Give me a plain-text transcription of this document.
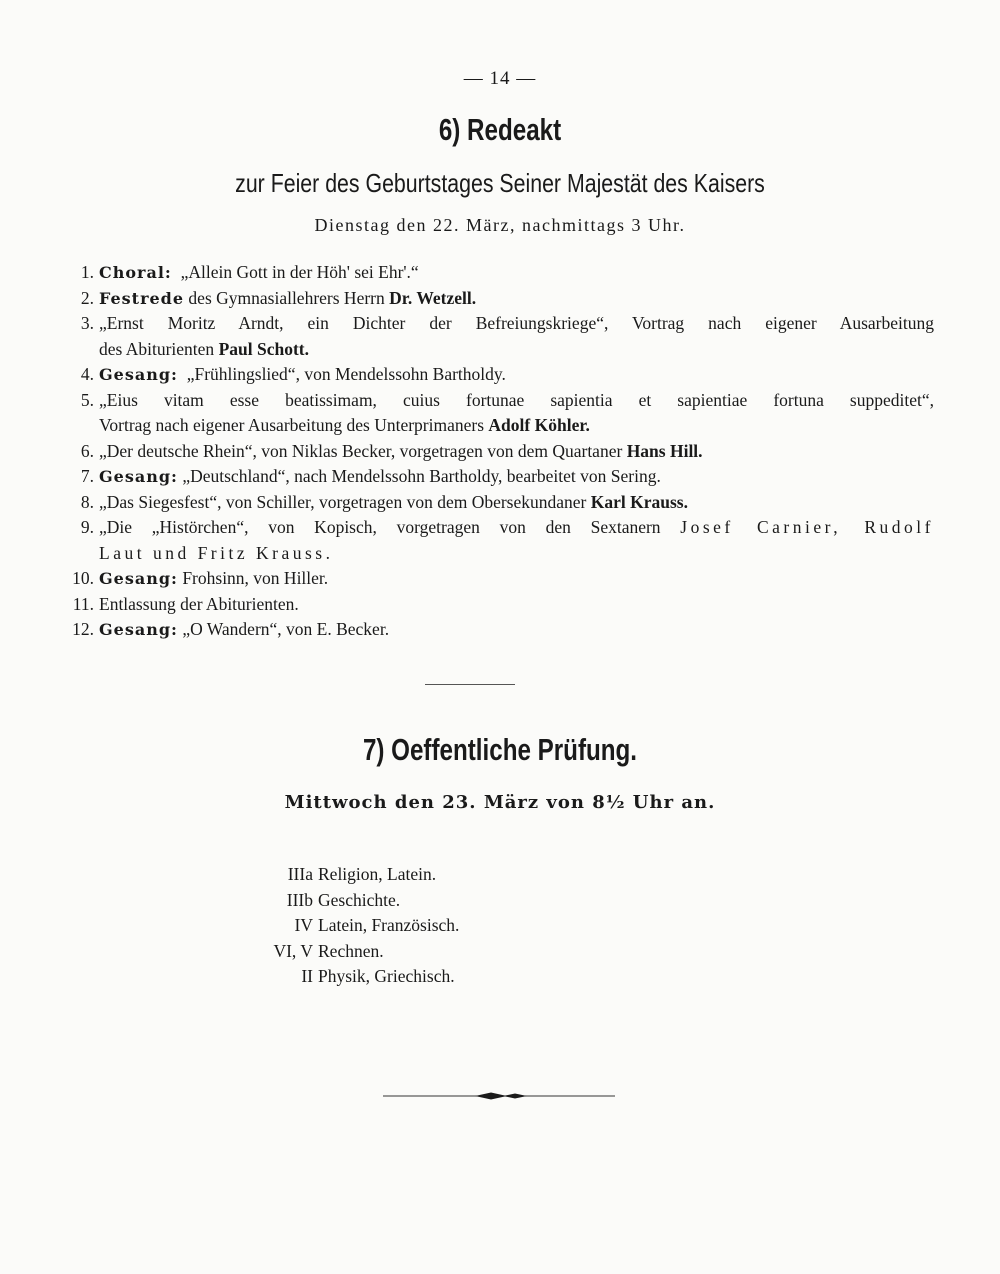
— 14 —
6) Redeakt
zur Feier des Geburtstages Seiner Majestät des Kaisers
Dienstag den 22. März, nachmittags 3 Uhr.
1. Choral: „Allein Gott in der Höh' sei Ehr'.“
2. Festrede des Gymnasiallehrers Herrn Dr. Wetzell.
3. „Ernst Moritz Arndt, ein Dichter der Befreiungskriege“, Vortrag nach eigener Ausarbeitung
des Abiturienten Paul Schott.
4. Gesang: „Frühlingslied“, von Mendelssohn Bartholdy.
5. „Eius vitam esse beatissimam, cuius fortunae sapientia et sapientiae fortuna suppeditet“,
Vortrag nach eigener Ausarbeitung des Unterprimaners Adolf Köhler.
6. „Der deutsche Rhein“, von Niklas Becker, vorgetragen von dem Quartaner Hans Hill.
7. Gesang: „Deutschland“, nach Mendelssohn Bartholdy, bearbeitet von Sering.
8. „Das Siegesfest“, von Schiller, vorgetragen von dem Obersekundaner Karl Krauss.
9. „Die „Histörchen“, von Kopisch, vorgetragen von den Sextanern Josef Carnier, Rudolf
Laut und Fritz Krauss.
10. Gesang: Frohsinn, von Hiller.
11. Entlassung der Abiturienten.
12. Gesang: „O Wandern“, von E. Becker.
7) Oeffentliche Prüfung.
Mittwoch den 23. März von 8½ Uhr an.
IIIa Religion, Latein.
IIIb Geschichte.
IV Latein, Französisch.
VI, V Rechnen.
II Physik, Griechisch.
